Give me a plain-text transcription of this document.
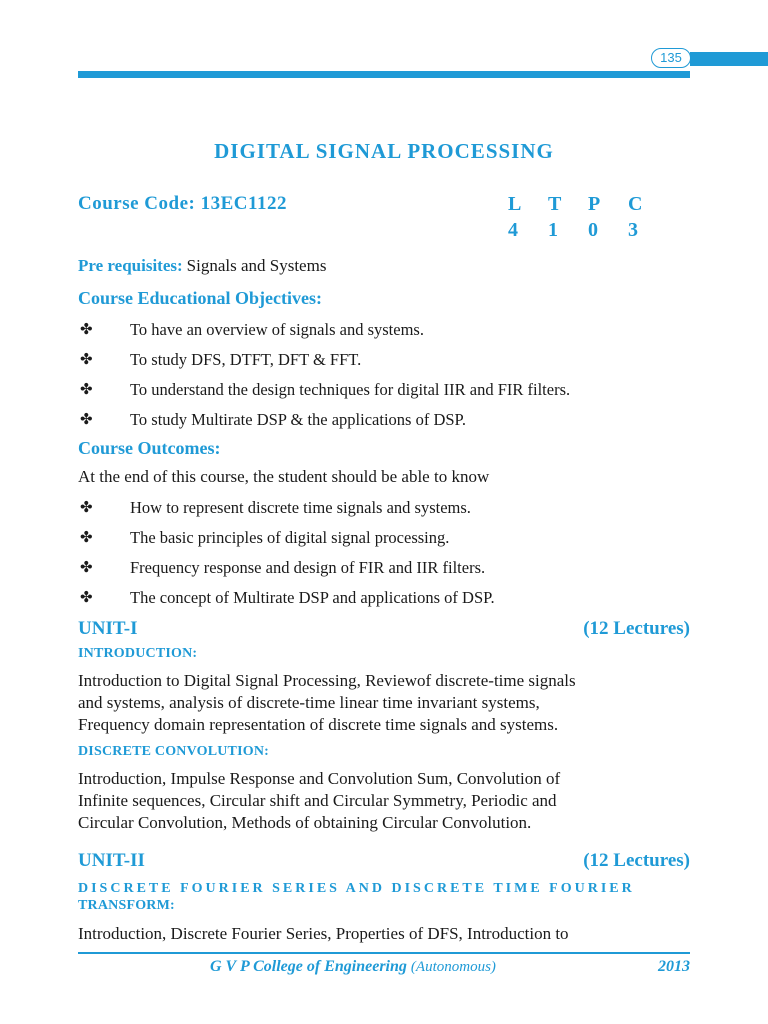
135
DIGITAL SIGNAL PROCESSING
Course Code: 13EC1122	L	T	P	C
4	1	0	3
Pre requisites: Signals and Systems
Course Educational Objectives:
✤ To have an overview of signals and systems.
✤ To study DFS, DTFT, DFT & FFT.
✤ To understand the design techniques for digital IIR and FIR filters.
✤ To study Multirate DSP & the applications of DSP.
Course Outcomes:
At the end of this course, the student should be able to know
✤ How to represent discrete time signals and systems.
✤ The basic principles of digital signal processing.
✤ Frequency response and design of FIR and IIR filters.
✤ The concept of Multirate DSP and applications of DSP.
UNIT-I	(12 Lectures)
INTRODUCTION:
Introduction to Digital Signal Processing, Reviewof discrete-time signals
and systems, analysis of discrete-time linear time invariant systems,
Frequency domain representation of discrete time signals and systems.
DISCRETE CONVOLUTION:
Introduction, Impulse Response and Convolution Sum, Convolution of
Infinite sequences, Circular shift and Circular Symmetry, Periodic and
Circular Convolution, Methods of obtaining Circular Convolution.
UNIT-II	(12 Lectures)
DISCRETE FOURIER SERIES AND DISCRETE TIME FOURIER
TRANSFORM:
Introduction, Discrete Fourier Series, Properties of DFS, Introduction to
G V P College of Engineering (Autonomous)	2013
